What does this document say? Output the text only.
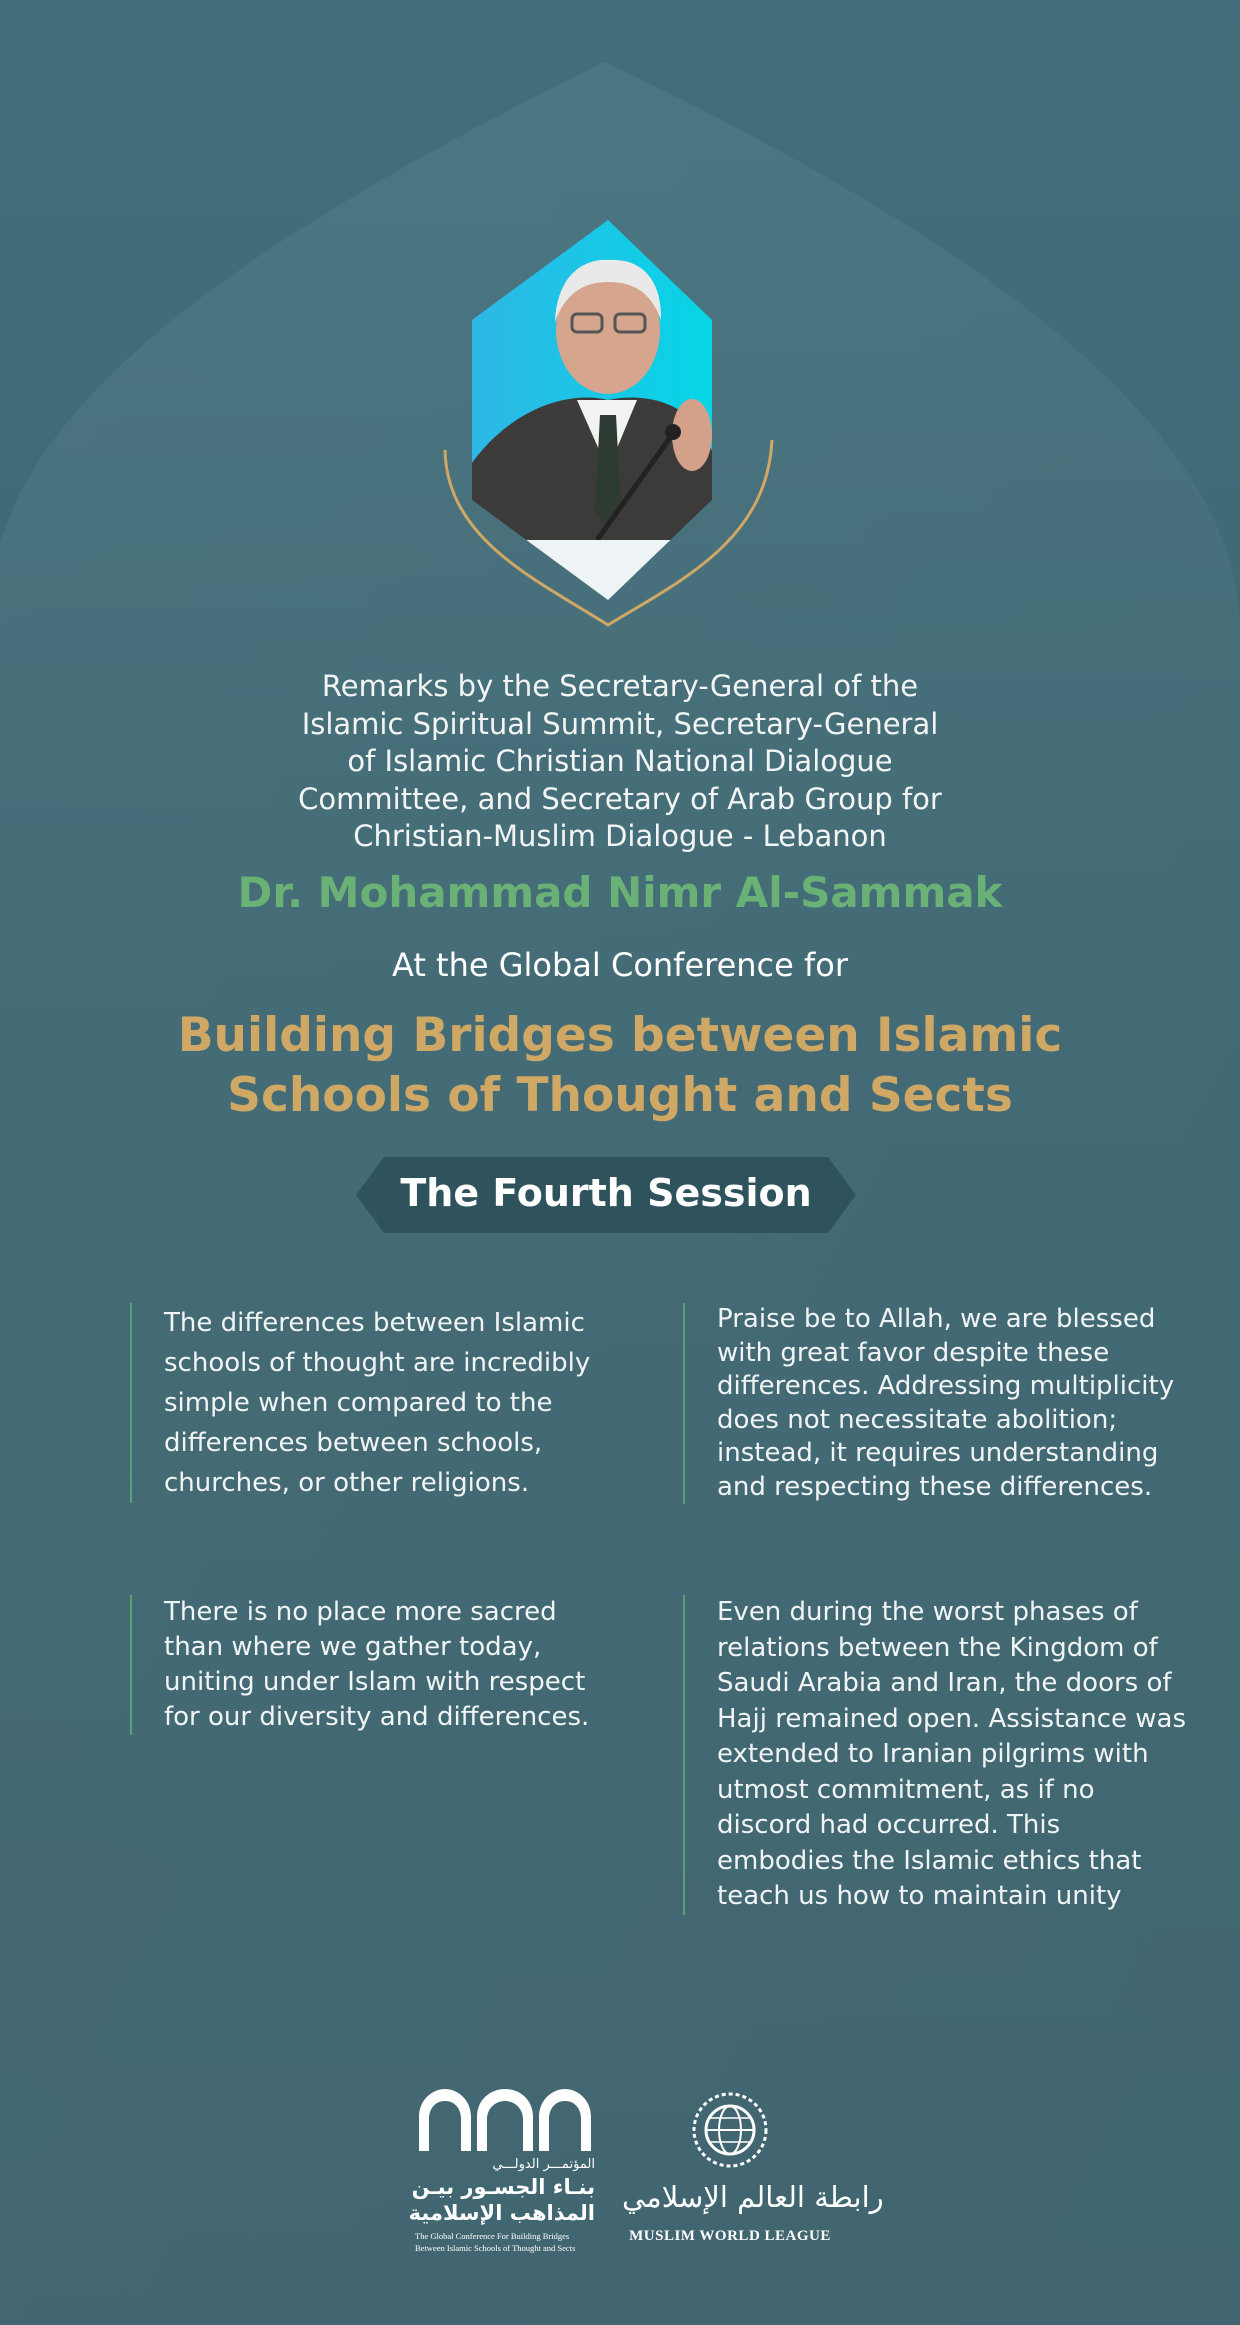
Remarks by the Secretary-General of the
Islamic Spiritual Summit, Secretary-General
of Islamic Christian National Dialogue
Committee, and Secretary of Arab Group for
Christian-Muslim Dialogue - Lebanon
Dr. Mohammad Nimr Al-Sammak
At the Global Conference for
Building Bridges between Islamic
Schools of Thought and Sects
The Fourth Session

The differences between Islamic

schools of thought are incredibly

simple when compared to the

differences between schools,

churches, or other religions.

Praise be to Allah, we are blessed

with great favor despite these

differences. Addressing multiplicity

does not necessitate abolition;

instead, it requires understanding

and respecting these differences.

There is no place more sacred

than where we gather today,

uniting under Islam with respect

for our diversity and differences.

Even during the worst phases of

relations between the Kingdom of

Saudi Arabia and Iran, the doors of

Hajj remained open. Assistance was

extended to Iranian pilgrims with

utmost commitment, as if no

discord had occurred. This

embodies the Islamic ethics that

teach us how to maintain unity

المؤتمـــر الدولـــي
بنـاء الجسـور بيـن
المذاهب الإسلامية
The Global Conference For Building Bridges
Between Islamic Schools of Thought and Sects
رابطة العالم الإسلامي
MUSLIM WORLD LEAGUE
